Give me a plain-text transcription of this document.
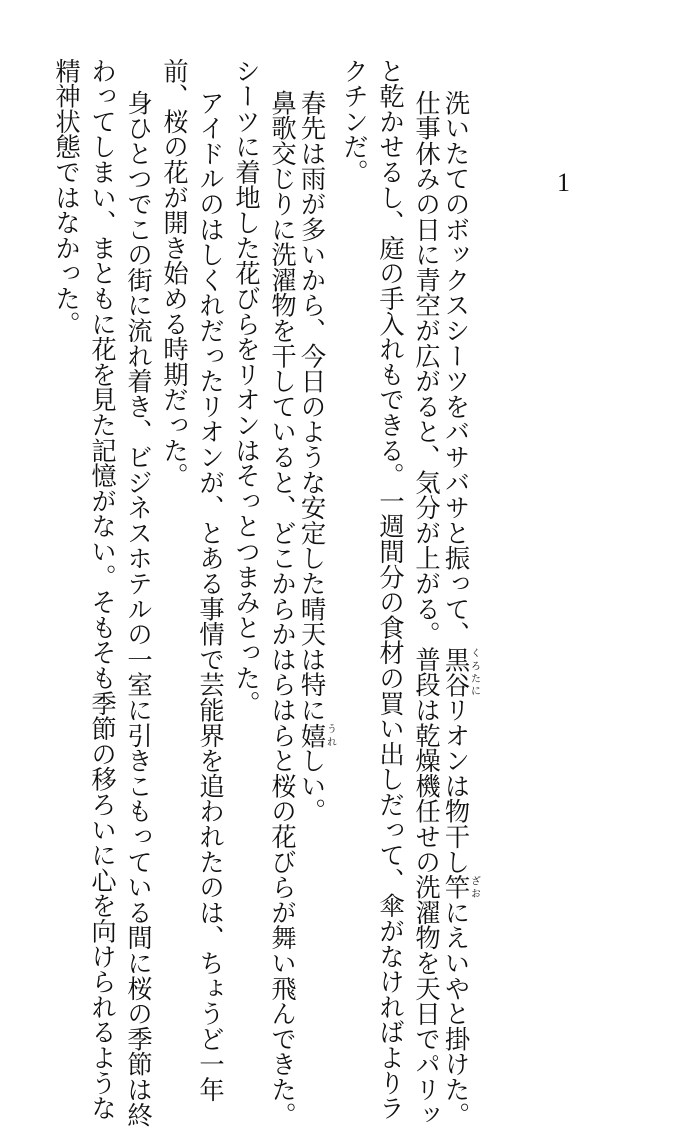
1
洗いたてのボックスシーツをバサバサと振って、黒谷くろたにリオンは物干し竿ざおにえいやと掛けた。
仕事休みの日に青空が広がると、気分が上がる。普段は乾燥機任せの洗濯物を天日でパリッ
と乾かせるし、庭の手入れもできる。一週間分の食材の買い出しだって、傘がなければよりラ
クチンだ。
春先は雨が多いから、今日のような安定した晴天は特に嬉うれしい。
鼻歌交じりに洗濯物を干していると、どこからかはらはらと桜の花びらが舞い飛んできた。
シーツに着地した花びらをリオンはそっとつまみとった。
アイドルのはしくれだったリオンが、とある事情で芸能界を追われたのは、ちょうど一年
前、桜の花が開き始める時期だった。
身ひとつでこの街に流れ着き、ビジネスホテルの一室に引きこもっている間に桜の季節は終
わってしまい、まともに花を見た記憶がない。そもそも季節の移ろいに心を向けられるような
精神状態ではなかった。
